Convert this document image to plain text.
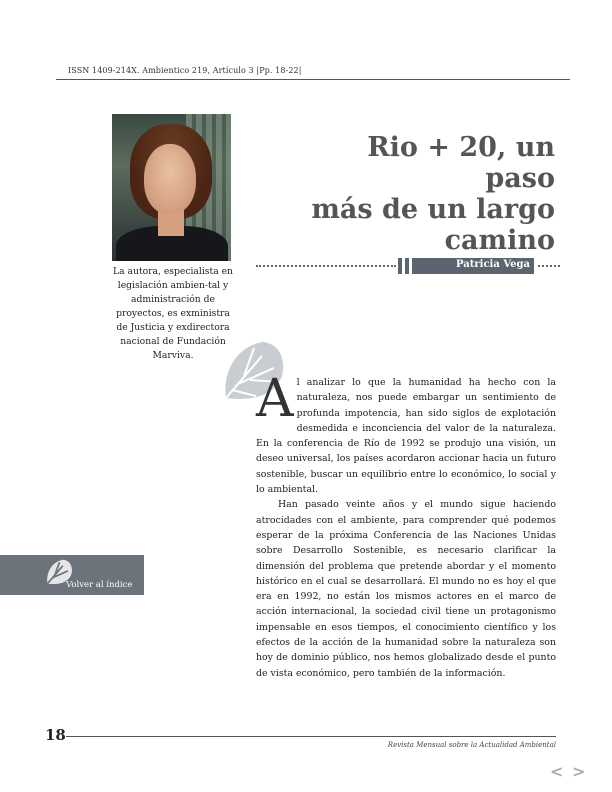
ISSN 1409-214X. Ambientico 219, Artículo 3 |Pp. 18-22|
La autora, especialista en legislación ambien-tal y administración de proyectos, es exministra de Justicia y exdirectora nacional de Fundación Marviva.
Rio + 20, un paso
más de un largo
camino
Patricia Vega

Al analizar lo que la humanidad ha hecho con la naturaleza, nos puede embargar un sentimiento de profunda impotencia, han sido siglos de explotación desmedida e inconciencia del valor de la naturaleza. En la conferencia de Río de 1992 se produjo una visión, un deseo universal, los países acordaron accionar hacia un futuro sostenible, buscar un equilibrio entre lo económico, lo social y lo ambiental.

Han pasado veinte años y el mundo sigue haciendo atrocidades con el ambiente, para comprender qué podemos esperar de la próxima Conferencia de las Naciones Unidas sobre Desarrollo Sostenible, es necesario clarificar la dimensión del problema que pretende abordar y el momento histórico en el cual se desarrollará. El mundo no es hoy el que era en 1992, no están los mismos actores en el marco de acción internacional, la sociedad civil tiene un protagonismo impensable en esos tiempos, el conocimiento científico y los efectos de la acción de la humanidad sobre la naturaleza son hoy de dominio público, nos hemos globalizado desde el punto de vista económico, pero también de la información.

Volver al índice
18
Revista Mensual sobre la Actualidad Ambiental
< >
